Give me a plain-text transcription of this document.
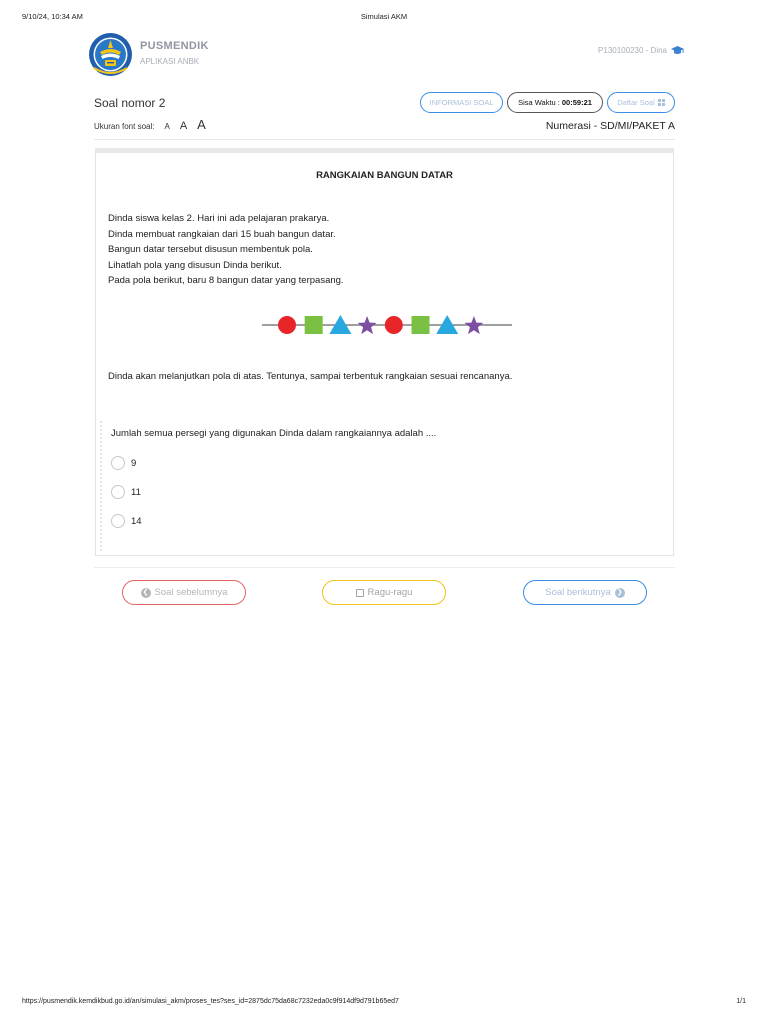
9/10/24, 10:34 AM	Simulasi AKM
PUSMENDIK
APLIKASI ANBK
P130100230 - Dina
Soal nomor 2
Ukuran font soal: A A A
INFORMASI SOAL	Sisa Waktu : 00:59:21	Daftar Soal
Numerasi - SD/MI/PAKET A
RANGKAIAN BANGUN DATAR
Dinda siswa kelas 2. Hari ini ada pelajaran prakarya.
Dinda membuat rangkaian dari 15 buah bangun datar.
Bangun datar tersebut disusun membentuk pola.
Lihatlah pola yang disusun Dinda berikut.
Pada pola berikut, baru 8 bangun datar yang terpasang.
Dinda akan melanjutkan pola di atas. Tentunya, sampai terbentuk rangkaian sesuai rencananya.
Jumlah semua persegi yang digunakan Dinda dalam rangkaiannya adalah ....
9
11
14
❮ Soal sebelumnya	Ragu-ragu	Soal berikutnya ❯
https://pusmendik.kemdikbud.go.id/an/simulasi_akm/proses_tes?ses_id=2875dc75da68c7232eda0c9f914df9d791b65ed7	1/1
